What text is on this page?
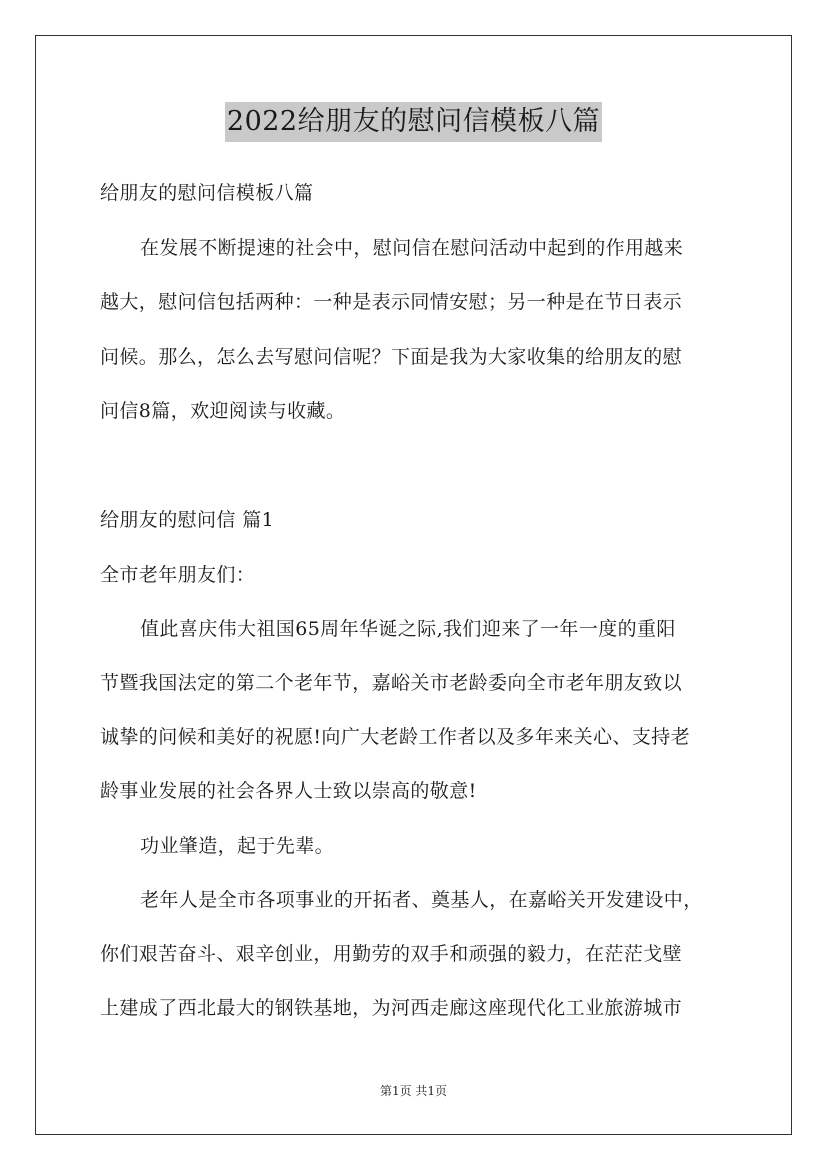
2022给朋友的慰问信模板八篇
给朋友的慰问信模板八篇
在发展不断提速的社会中，慰问信在慰问活动中起到的作用越来
越大，慰问信包括两种：一种是表示同情安慰；另一种是在节日表示
问候。那么，怎么去写慰问信呢？下面是我为大家收集的给朋友的慰
问信8篇，欢迎阅读与收藏。
给朋友的慰问信 篇1
全市老年朋友们：
值此喜庆伟大祖国65周年华诞之际,我们迎来了一年一度的重阳
节暨我国法定的第二个老年节，嘉峪关市老龄委向全市老年朋友致以
诚挚的问候和美好的祝愿!向广大老龄工作者以及多年来关心、支持老
龄事业发展的社会各界人士致以崇高的敬意!
功业肇造，起于先辈。
老年人是全市各项事业的开拓者、奠基人，在嘉峪关开发建设中，
你们艰苦奋斗、艰辛创业，用勤劳的双手和顽强的毅力，在茫茫戈壁
上建成了西北最大的钢铁基地，为河西走廊这座现代化工业旅游城市
第1页 共1页
